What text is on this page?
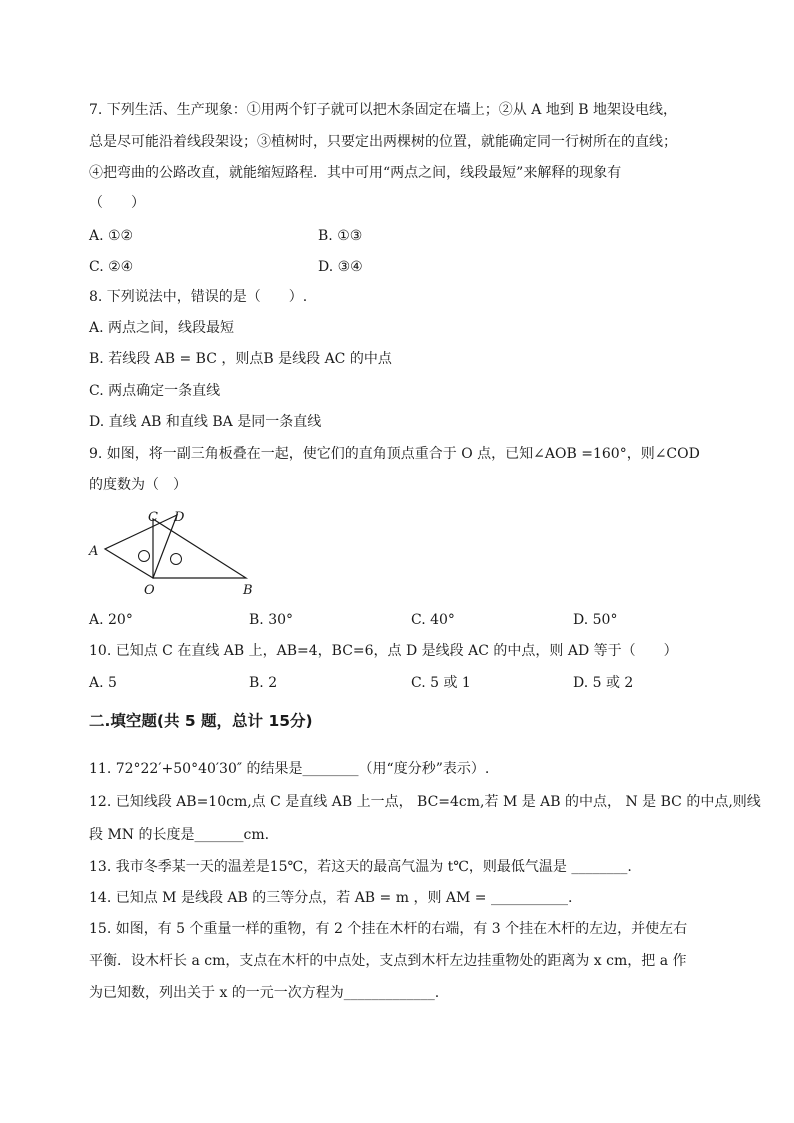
7. 下列生活、生产现象：①用两个钉子就可以把木条固定在墙上；②从 A 地到 B 地架设电线，
总是尽可能沿着线段架设；③植树时，只要定出两棵树的位置，就能确定同一行树所在的直线；
④把弯曲的公路改直，就能缩短路程．其中可用“两点之间，线段最短”来解释的现象有
（　　）
A. ①②	B. ①③
C. ②④	D. ③④
8. 下列说法中，错误的是（　　）.
A. 两点之间，线段最短
B. 若线段 AB = BC ，则点B 是线段 AC 的中点
C. 两点确定一条直线
D. 直线 AB 和直线 BA 是同一条直线
9. 如图，将一副三角板叠在一起，使它们的直角顶点重合于 O 点，已知∠AOB =160°，则∠COD
的度数为（　）
A
C D
O	B
A. 20°	B. 30°	C. 40°	D. 50°
10. 已知点 C 在直线 AB 上，AB=4，BC=6，点 D 是线段 AC 的中点，则 AD 等于（　　）
A. 5	B. 2	C. 5 或 1	D. 5 或 2
二.填空题(共 5 题，总计 15分)
11. 72°22′+50°40′30″ 的结果是________（用“度分秒”表示）.
12. 已知线段 AB=10cm,点 C 是直线 AB 上一点， BC=4cm,若 M 是 AB 的中点， N 是 BC 的中点,则线
段 MN 的长度是_______cm.
13. 我市冬季某一天的温差是15℃，若这天的最高气温为 t℃，则最低气温是 ________.
14. 已知点 M 是线段 AB 的三等分点，若 AB = m ，则 AM = ___________.
15. 如图，有 5 个重量一样的重物，有 2 个挂在木杆的右端，有 3 个挂在木杆的左边，并使左右
平衡．设木杆长 a cm，支点在木杆的中点处，支点到木杆左边挂重物处的距离为 x cm，把 a 作
为已知数，列出关于 x 的一元一次方程为_____________.
